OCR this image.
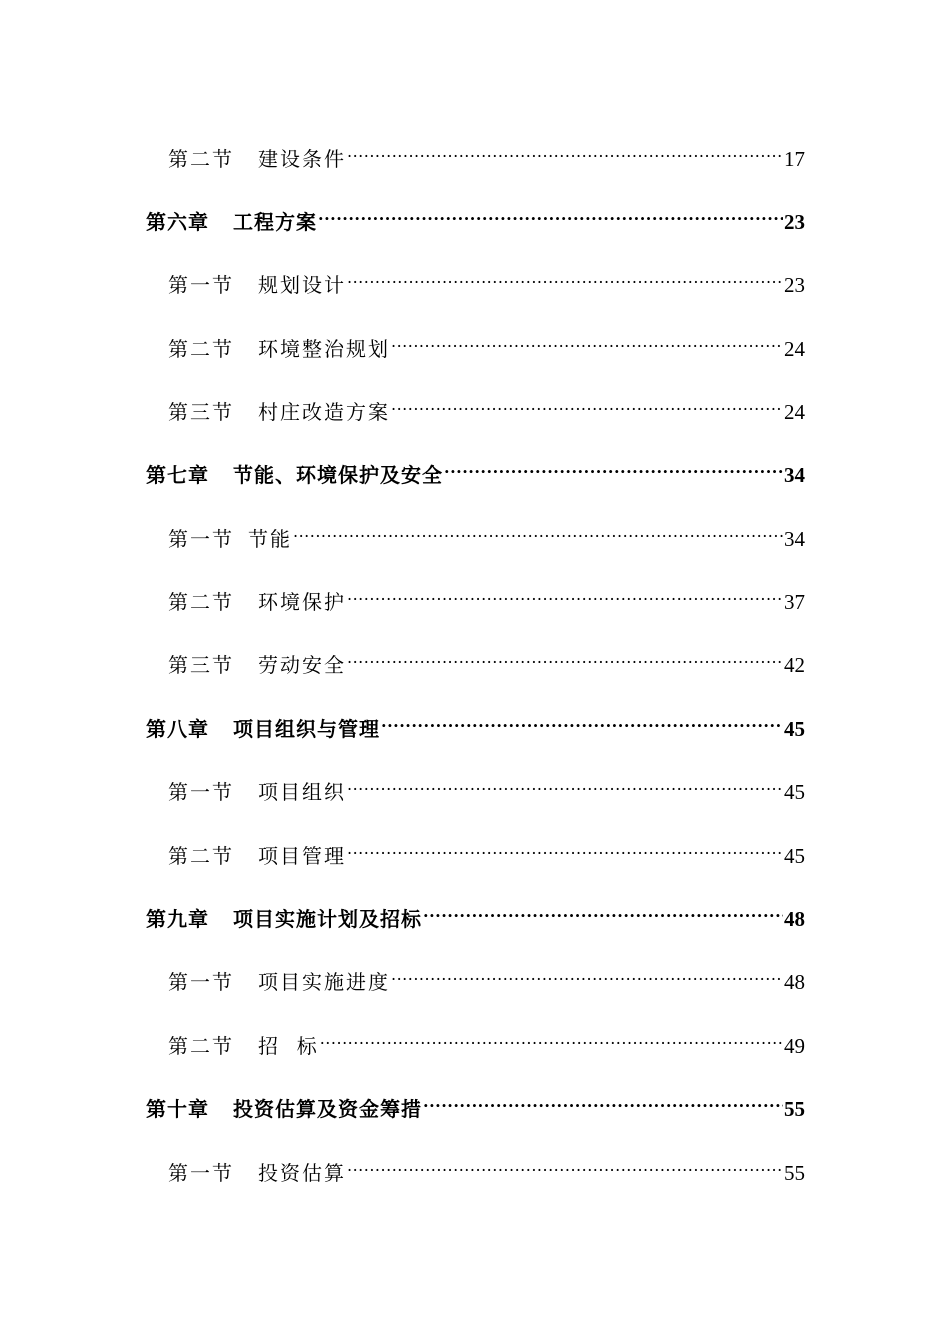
第二节 建设条件 .....	17
第六章 工程方案 .....	23
第一节 规划设计 .....	23
第二节 环境整治规划 .....	24
第三节 村庄改造方案 .....	24
第七章 节能、环境保护及安全 .....	34
第一节 节能 .....	34
第二节 环境保护 .....	37
第三节 劳动安全 .....	42
第八章 项目组织与管理 .....	45
第一节 项目组织 .....	45
第二节 项目管理 .....	45
第九章 项目实施计划及招标 .....	48
第一节 项目实施进度 .....	48
第二节 招  标 .....	49
第十章 投资估算及资金筹措 .....	55
第一节 投资估算 .....	55
